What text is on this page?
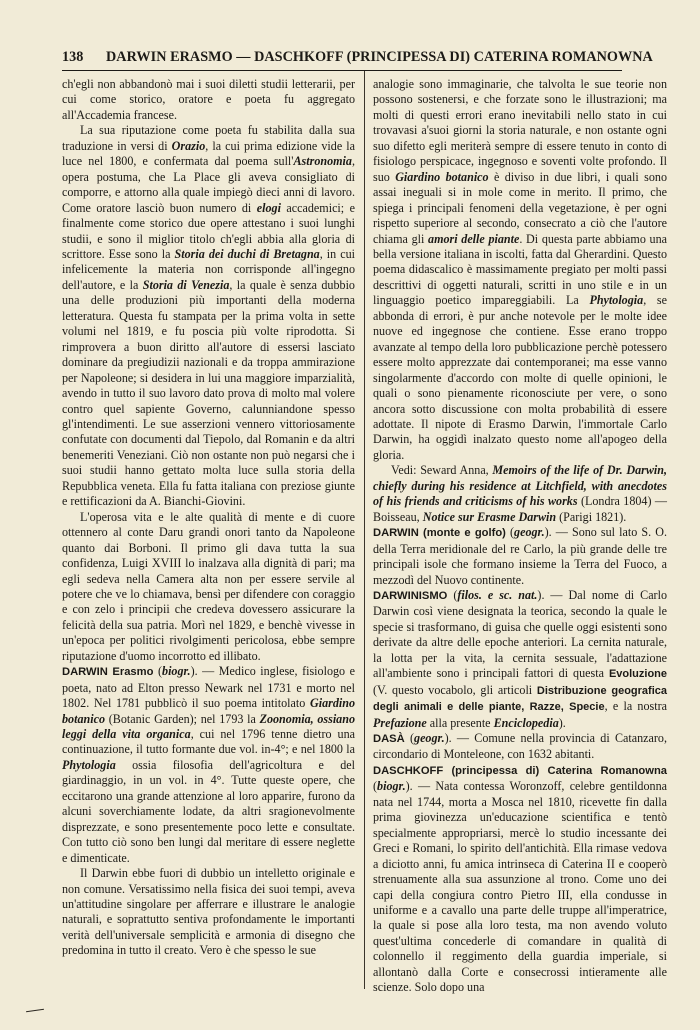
138 DARWIN ERASMO — DASCHKOFF (PRINCIPESSA DI) CATERINA ROMANOWNA

ch'egli non abbandonò mai i suoi diletti studii letterarii, per cui come storico, oratore e poeta fu aggregato all'Accademia francese.

La sua riputazione come poeta fu stabilita dalla sua traduzione in versi di Orazio, la cui prima edizione vide la luce nel 1800, e confermata dal poema sull'Astronomia, opera postuma, che La Place gli aveva consigliato di comporre, e attorno alla quale impiegò dieci anni di lavoro. Come oratore lasciò buon numero di elogi accademici; e finalmente come storico due opere attestano i suoi lunghi studii, e sono il miglior titolo ch'egli abbia alla gloria di scrittore. Esse sono la Storia dei duchi di Bretagna, in cui infelicemente la materia non corrisponde all'ingegno dell'autore, e la Storia di Venezia, la quale è senza dubbio una delle produzioni più importanti della moderna letteratura. Questa fu stampata per la prima volta in sette volumi nel 1819, e fu poscia più volte riprodotta. Si rimprovera a buon diritto all'autore di essersi lasciato dominare da pregiudizii nazionali e da troppa ammirazione per Napoleone; si desidera in lui una maggiore imparzialità, avendo in tutto il suo lavoro dato prova di molto mal volere contro quel sapiente Governo, calunniandone spesso gl'intendimenti. Le sue asserzioni vennero vittoriosamente confutate con documenti dal Tiepolo, dal Romanin e da altri benemeriti Veneziani. Ciò non ostante non può negarsi che i suoi studii hanno gettato molta luce sulla storia della Repubblica veneta. Ella fu fatta italiana con preziose giunte e rettificazioni da A. Bianchi-Giovini.

L'operosa vita e le alte qualità di mente e di cuore ottennero al conte Daru grandi onori tanto da Napoleone quanto dai Borboni. Il primo gli dava tutta la sua confidenza, Luigi XVIII lo inalzava alla dignità di pari; ma egli sedeva nella Camera alta non per essere servile al potere che ve lo chiamava, bensì per difendere con coraggio e con zelo i principii che credeva dovessero assicurare la felicità della sua patria. Morì nel 1829, e benchè vivesse in un'epoca per politici rivolgimenti pericolosa, ebbe sempre riputazione d'uomo incorrotto ed illibato.

DARWIN Erasmo (biogr.). — Medico inglese, fisiologo e poeta, nato ad Elton presso Newark nel 1731 e morto nel 1802. Nel 1781 pubblicò il suo poema intitolato Giardino botanico (Botanic Garden); nel 1793 la Zoonomia, ossiano leggi della vita organica, cui nel 1796 tenne dietro una continuazione, il tutto formante due vol. in-4°; e nel 1800 la Phytologia ossia filosofia dell'agricoltura e del giardinaggio, in un vol. in 4°. Tutte queste opere, che eccitarono una grande attenzione al loro apparire, furono da alcuni soverchiamente lodate, da altri sragionevolmente disprezzate, e sono presentemente poco lette e consultate. Con tutto ciò sono ben lungi dal meritare di essere neglette e dimenticate.

Il Darwin ebbe fuori di dubbio un intelletto originale e non comune. Versatissimo nella fisica dei suoi tempi, aveva un'attitudine singolare per afferrare e illustrare le analogie naturali, e soprattutto sentiva profondamente le importanti verità dell'universale semplicità e armonia di disegno che predomina in tutto il creato. Vero è che spesso le sue

analogie sono immaginarie, che talvolta le sue teorie non possono sostenersi, e che forzate sono le illustrazioni; ma molti di questi errori erano inevitabili nello stato in cui trovavasi a'suoi giorni la storia naturale, e non ostante ogni suo difetto egli meriterà sempre di essere tenuto in conto di fisiologo perspicace, ingegnoso e soventi volte profondo. Il suo Giardino botanico è diviso in due libri, i quali sono assai ineguali si in mole come in merito. Il primo, che spiega i principali fenomeni della vegetazione, è per ogni rispetto superiore al secondo, consecrato a ciò che l'autore chiama gli amori delle piante. Di questa parte abbiamo una bella versione italiana in iscolti, fatta dal Gherardini. Questo poema didascalico è massimamente pregiato per molti passi descrittivi di oggetti naturali, scritti in uno stile e in un linguaggio poetico impareggiabili. La Phytologia, se abbonda di errori, è pur anche notevole per le molte idee nuove ed ingegnose che contiene. Esse erano troppo avanzate al tempo della loro pubblicazione perchè potessero essere molto apprezzate dai contemporanei; ma esse vanno singolarmente d'accordo con molte di quelle opinioni, le quali o sono pienamente riconosciute per vere, o sono ancora sotto discussione con molta probabilità di essere adottate. Il nipote di Erasmo Darwin, l'immortale Carlo Darwin, ha oggidì inalzato questo nome all'apogeo della gloria.

Vedi: Seward Anna, Memoirs of the life of Dr. Darwin, chiefly during his residence at Litchfield, with anecdotes of his friends and criticisms of his works (Londra 1804) — Boisseau, Notice sur Erasme Darwin (Parigi 1821).

DARWIN (monte e golfo) (geogr.). — Sono sul lato S. O. della Terra meridionale del re Carlo, la più grande delle tre principali isole che formano insieme la Terra del Fuoco, a mezzodì del Nuovo continente.

DARWINISMO (filos. e sc. nat.). — Dal nome di Carlo Darwin così viene designata la teorica, secondo la quale le specie si trasformano, di guisa che quelle oggi esistenti sono derivate da altre delle epoche anteriori. La cernita naturale, la lotta per la vita, la cernita sessuale, l'adattazione all'ambiente sono i principali fattori di questa Evoluzione (V. questo vocabolo, gli articoli Distribuzione geografica degli animali e delle piante, Razze, Specie, e la nostra Prefazione alla presente Enciclopedia).

DASÀ (geogr.). — Comune nella provincia di Catanzaro, circondario di Monteleone, con 1632 abitanti.

DASCHKOFF (principessa di) Caterina Romanowna (biogr.). — Nata contessa Woronzoff, celebre gentildonna nata nel 1744, morta a Mosca nel 1810, ricevette fin dalla prima giovinezza un'educazione scientifica e tentò specialmente appropriarsi, mercè lo studio incessante dei Greci e Romani, lo spirito dell'antichità. Ella rimase vedova a diciotto anni, fu amica intrinseca di Caterina II e cooperò strenuamente alla sua assunzione al trono. Come uno dei capi della congiura contro Pietro III, ella condusse in uniforme e a cavallo una parte delle truppe all'imperatrice, la quale si pose alla loro testa, ma non avendo voluto quest'ultima concederle di comandare in qualità di colonnello il reggimento della guardia imperiale, si allontanò dalla Corte e consecrossi intieramente alle scienze. Solo dopo una
